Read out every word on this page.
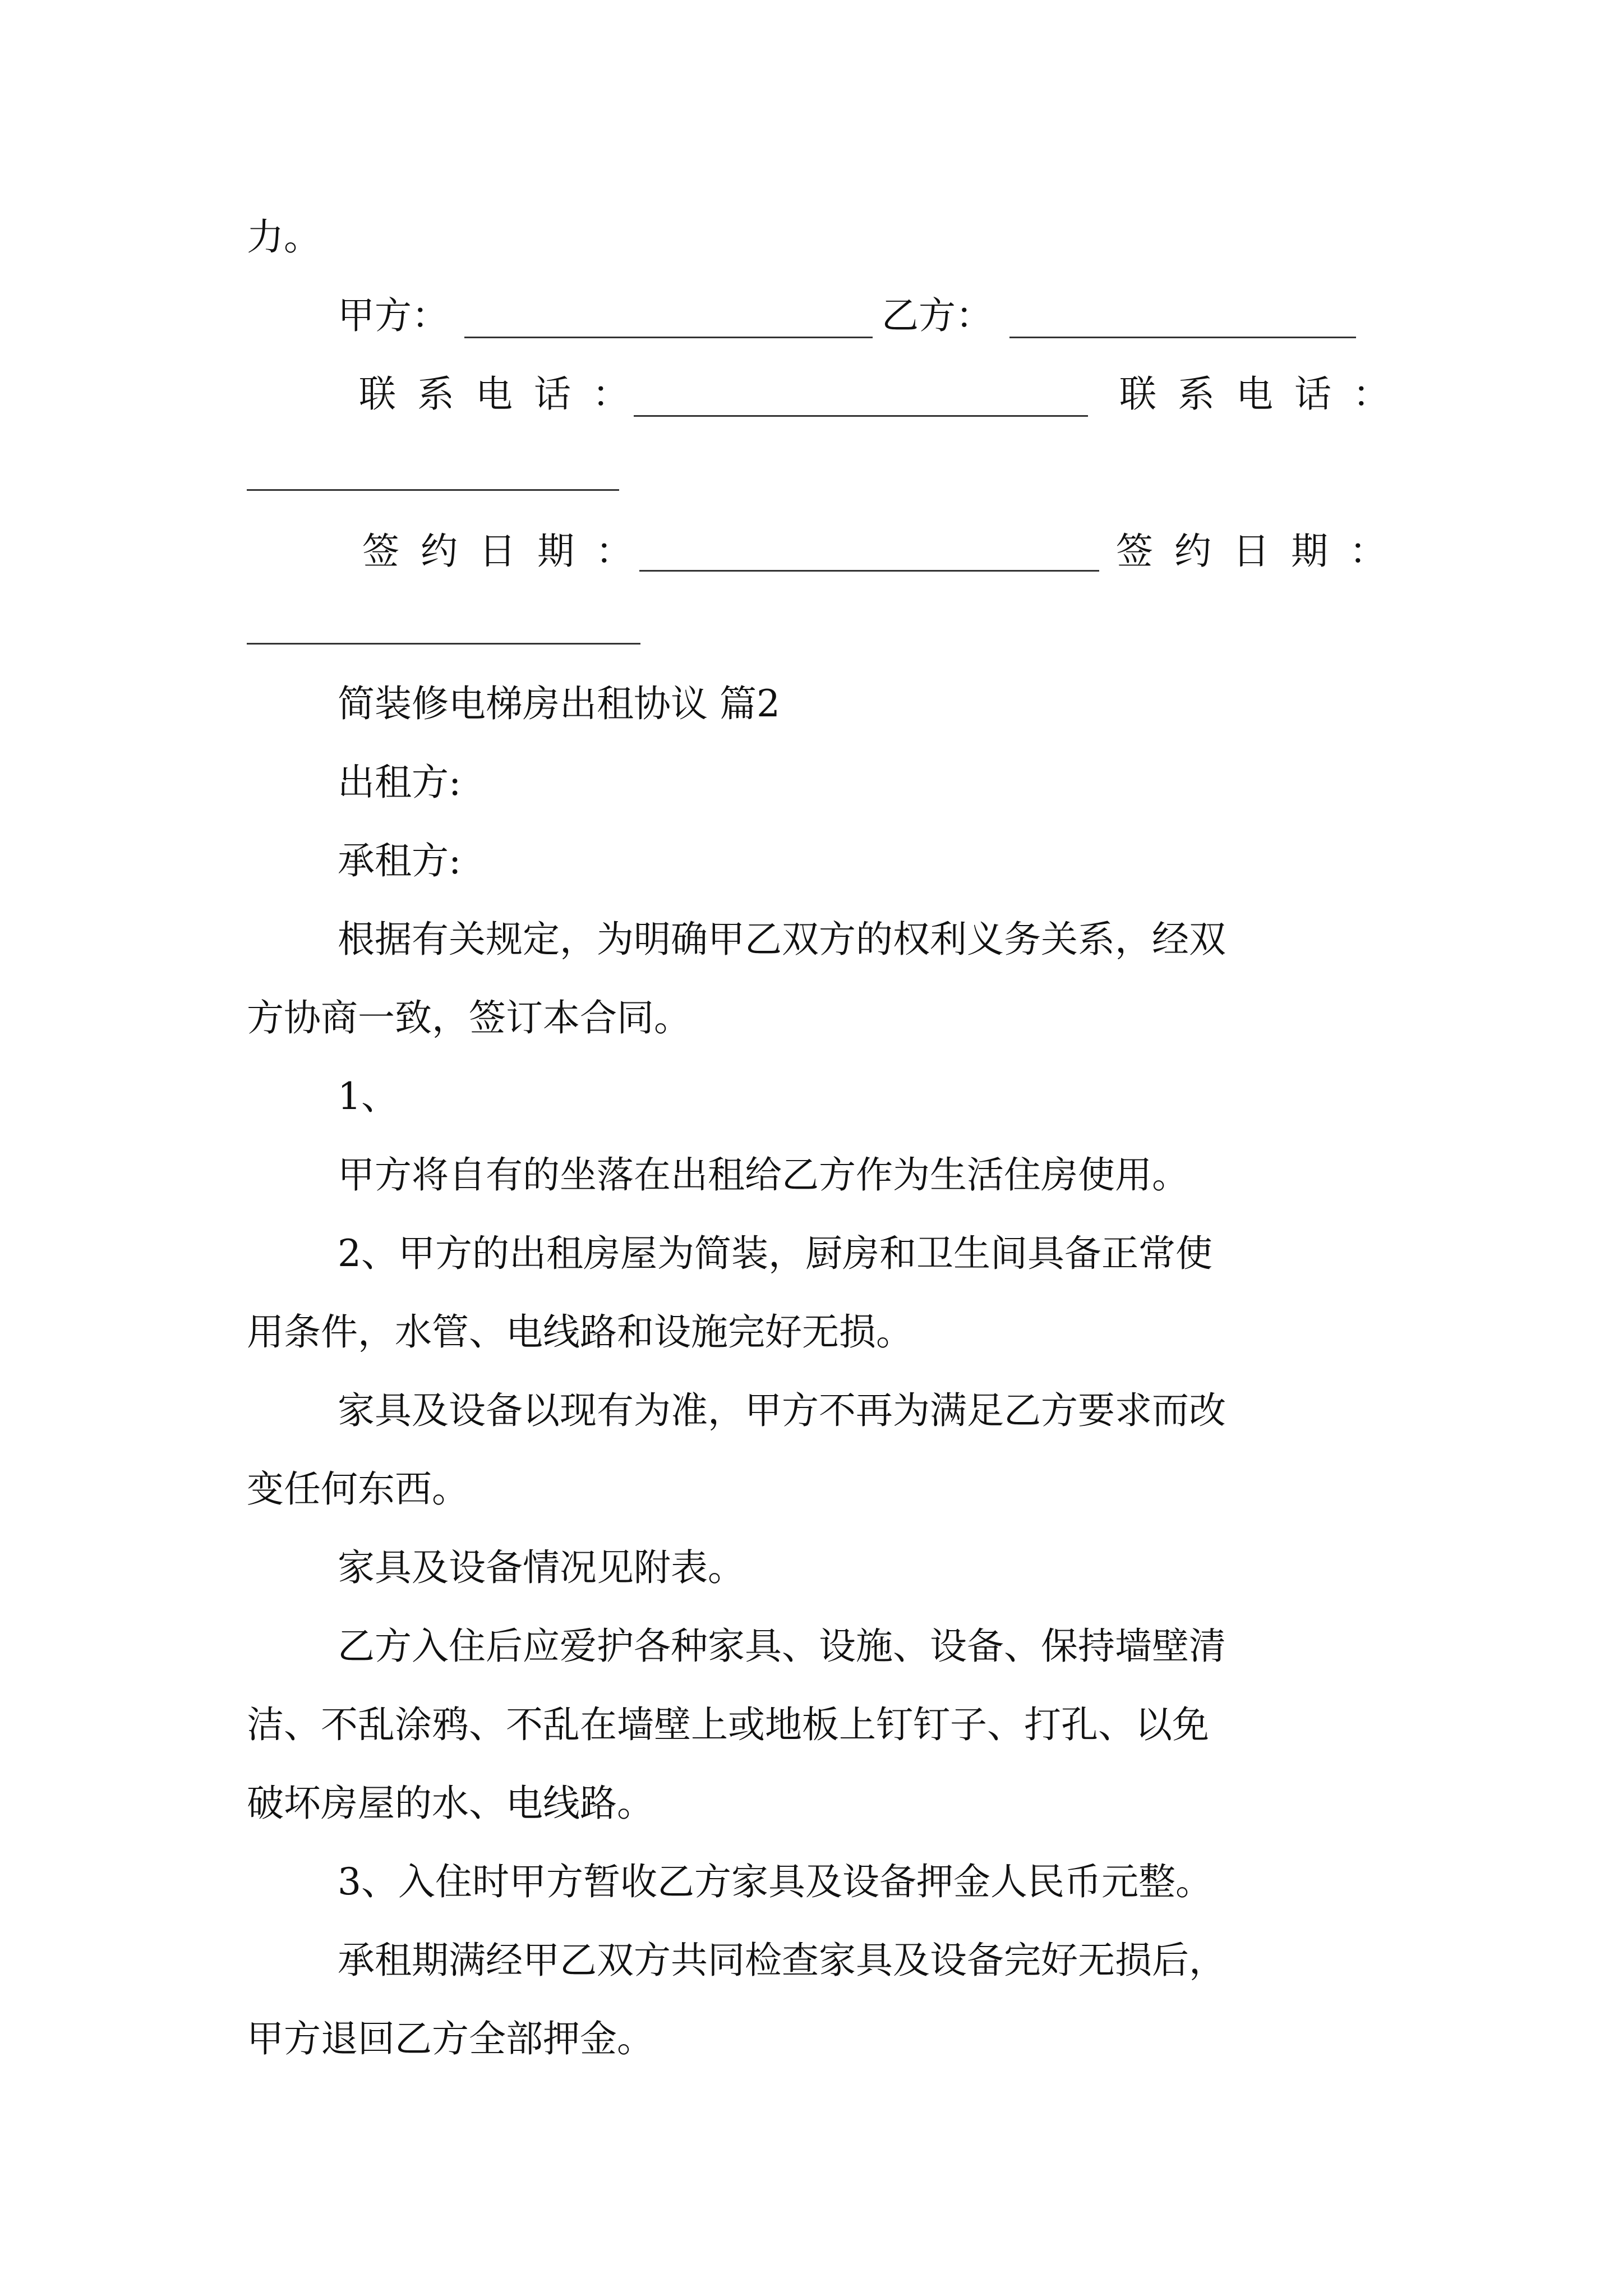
力。
甲方：	乙方：
联系电话：	联系电话：
签约日期：	签约日期：
简装修电梯房出租协议 篇2
出租方:
承租方:
根据有关规定，为明确甲乙双方的权利义务关系，经双
方协商一致，签订本合同。
1、
甲方将自有的坐落在出租给乙方作为生活住房使用。
2、甲方的出租房屋为简装，厨房和卫生间具备正常使
用条件，水管、电线路和设施完好无损。
家具及设备以现有为准，甲方不再为满足乙方要求而改
变任何东西。
家具及设备情况见附表。
乙方入住后应爱护各种家具、设施、设备、保持墙壁清
洁、不乱涂鸦、不乱在墙壁上或地板上钉钉子、打孔、以免
破坏房屋的水、电线路。
3、入住时甲方暂收乙方家具及设备押金人民币元整。
承租期满经甲乙双方共同检查家具及设备完好无损后，
甲方退回乙方全部押金。
